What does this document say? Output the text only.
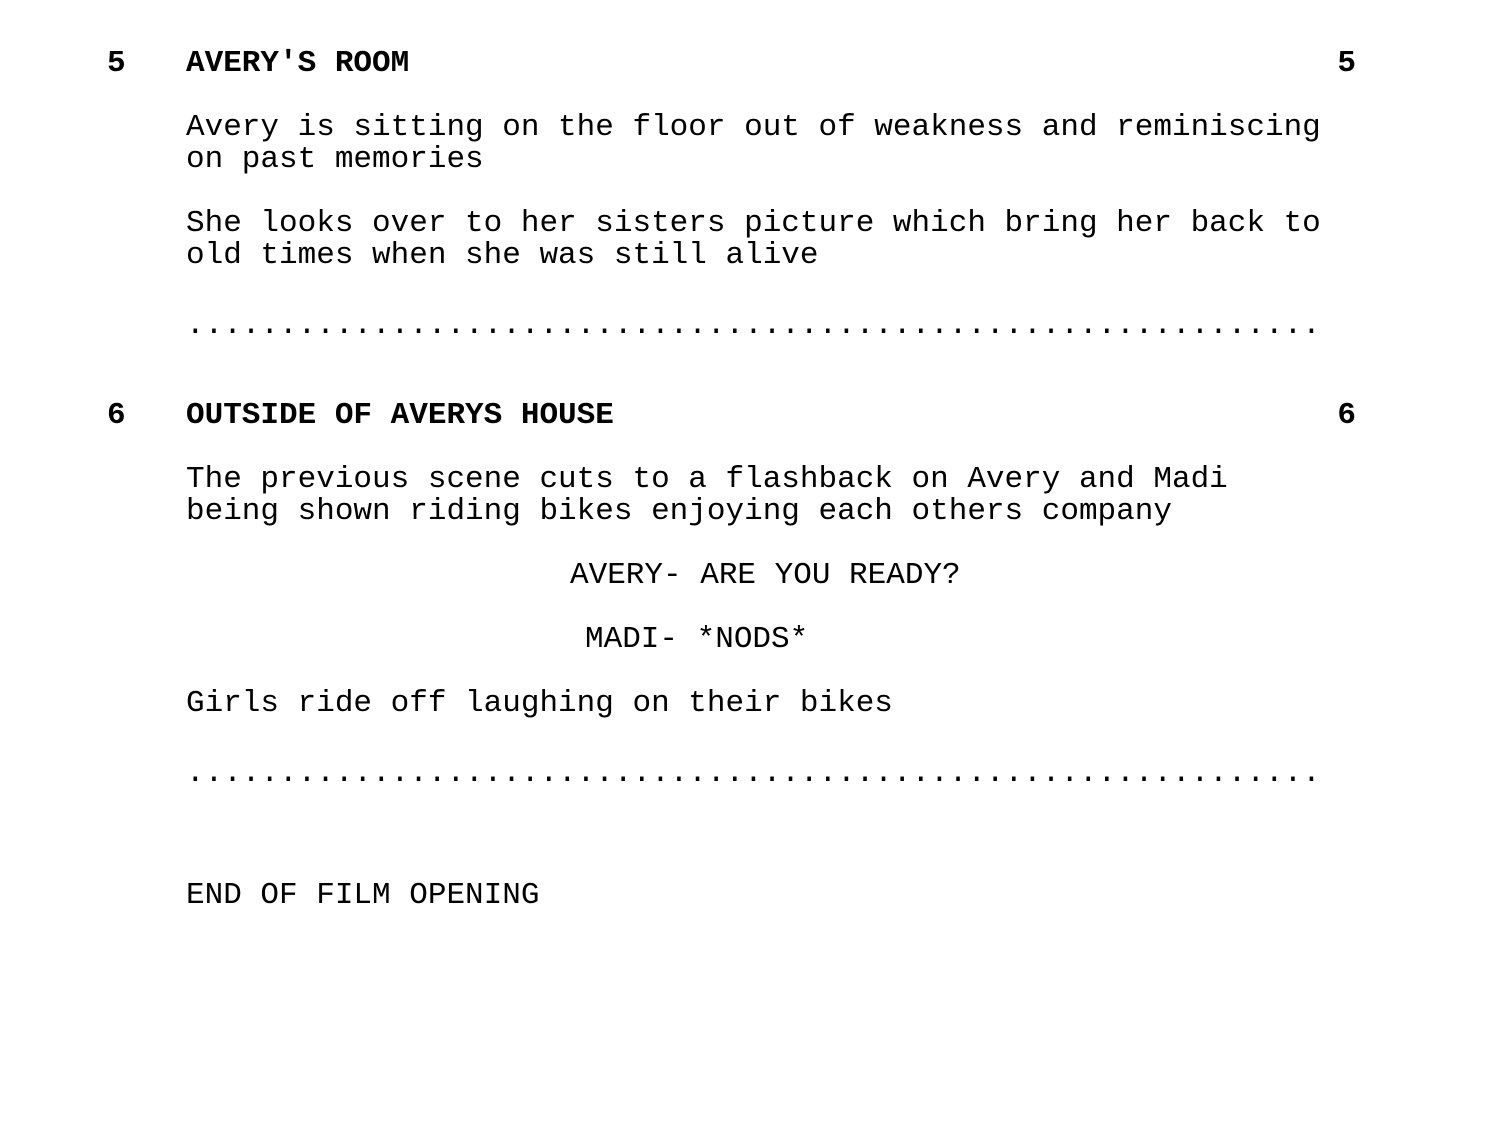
5 AVERY'S ROOM	5
Avery is sitting on the floor out of weakness and reminiscing
on past memories
She looks over to her sisters picture which bring her back to
old times when she was still alive
.............................................................
6 OUTSIDE OF AVERYS HOUSE	6
The previous scene cuts to a flashback on Avery and Madi
being shown riding bikes enjoying each others company
AVERY- ARE YOU READY?
MADI- *NODS*
Girls ride off laughing on their bikes
.............................................................
END OF FILM OPENING
